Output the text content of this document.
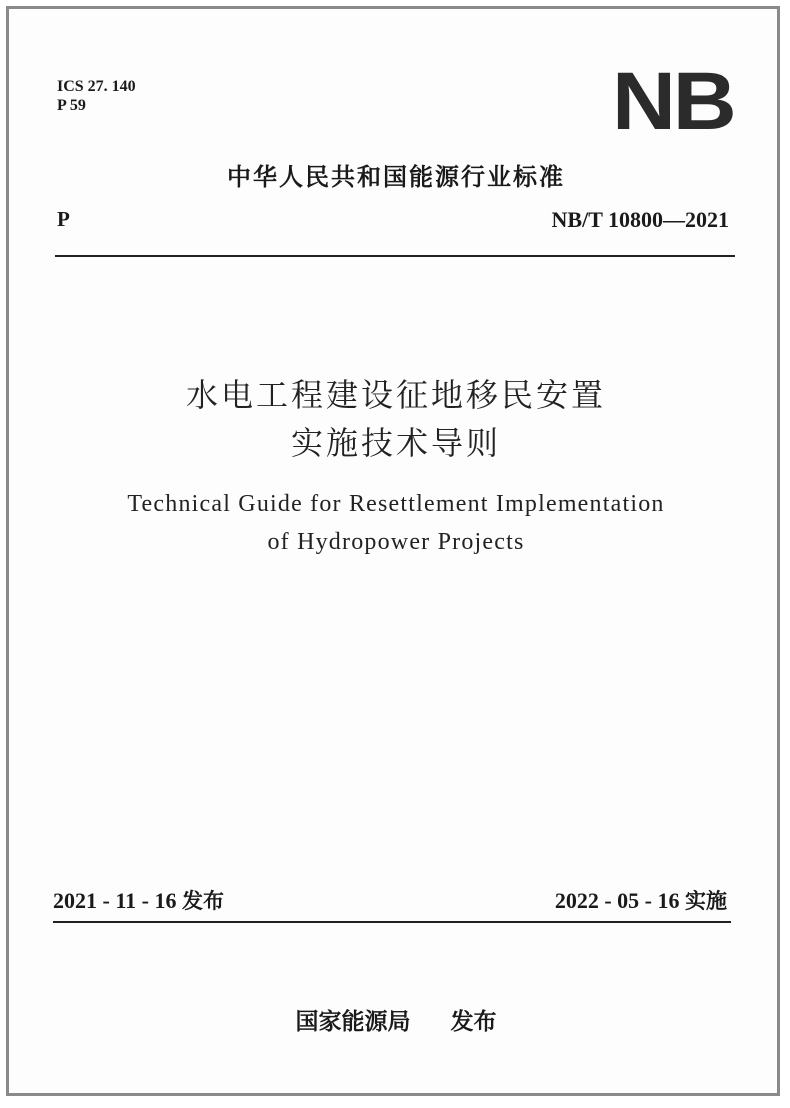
ICS 27. 140
P 59	NB
中华人民共和国能源行业标准
P	NB/T 10800—2021
水电工程建设征地移民安置
实施技术导则
Technical Guide for Resettlement Implementation
of Hydropower Projects
2021 - 11 - 16 发布	2022 - 05 - 16 实施
国家能源局 发布
